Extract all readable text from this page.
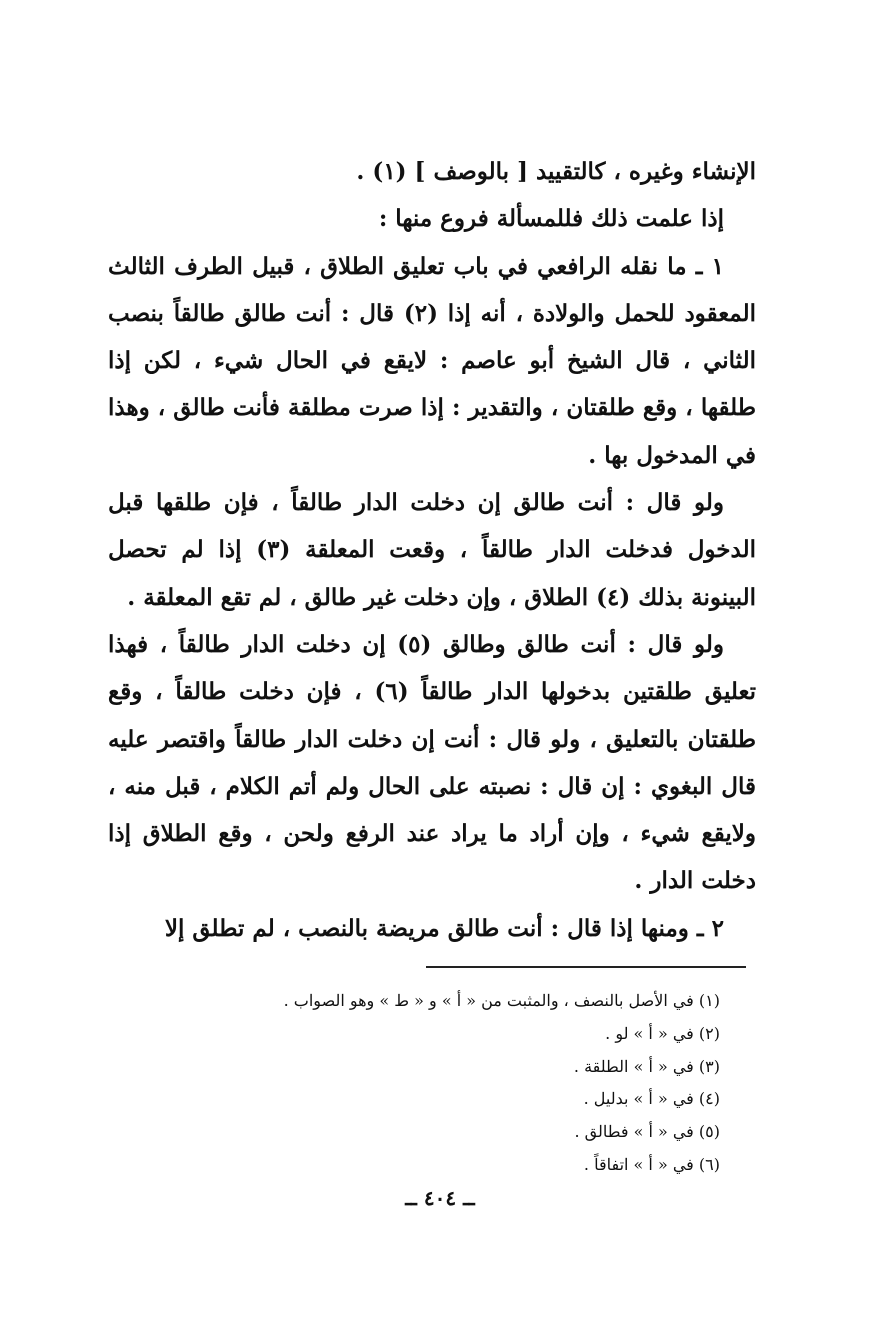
الإنشاء وغيره ، كالتقييد [ بالوصف ] (١) .

إذا علمت ذلك فللمسألة فروع منها :

١ ـ ما نقله الرافعي في باب تعليق الطلاق ، قبيل الطرف الثالث المعقود للحمل والولادة ، أنه إذا (٢) قال : أنت طالق طالقاً بنصب الثاني ، قال الشيخ أبو عاصم : لايقع في الحال شيء ، لكن إذا طلقها ، وقع طلقتان ، والتقدير : إذا صرت مطلقة فأنت طالق ، وهذا في المدخول بها .

ولو قال : أنت طالق إن دخلت الدار طالقاً ، فإن طلقها قبل الدخول فدخلت الدار طالقاً ، وقعت المعلقة (٣) إذا لم تحصل البينونة بذلك (٤) الطلاق ، وإن دخلت غير طالق ، لم تقع المعلقة .

ولو قال : أنت طالق وطالق (٥) إن دخلت الدار طالقاً ، فهذا تعليق طلقتين بدخولها الدار طالقاً (٦) ، فإن دخلت طالقاً ، وقع طلقتان بالتعليق ، ولو قال : أنت إن دخلت الدار طالقاً واقتصر عليه قال البغوي : إن قال : نصبته على الحال ولم أتم الكلام ، قبل منه ، ولايقع شيء ، وإن أراد ما يراد عند الرفع ولحن ، وقع الطلاق إذا دخلت الدار .

٢ ـ ومنها إذا قال : أنت طالق مريضة بالنصب ، لم تطلق إلا

(١) في الأصل بالنصف ، والمثبت من « أ » و « ط » وهو الصواب .
(٢) في « أ » لو .
(٣) في « أ » الطلقة .
(٤) في « أ » بدليل .
(٥) في « أ » فطالق .
(٦) في « أ » اتفاقاً .
ــ ٤٠٤ ــ
